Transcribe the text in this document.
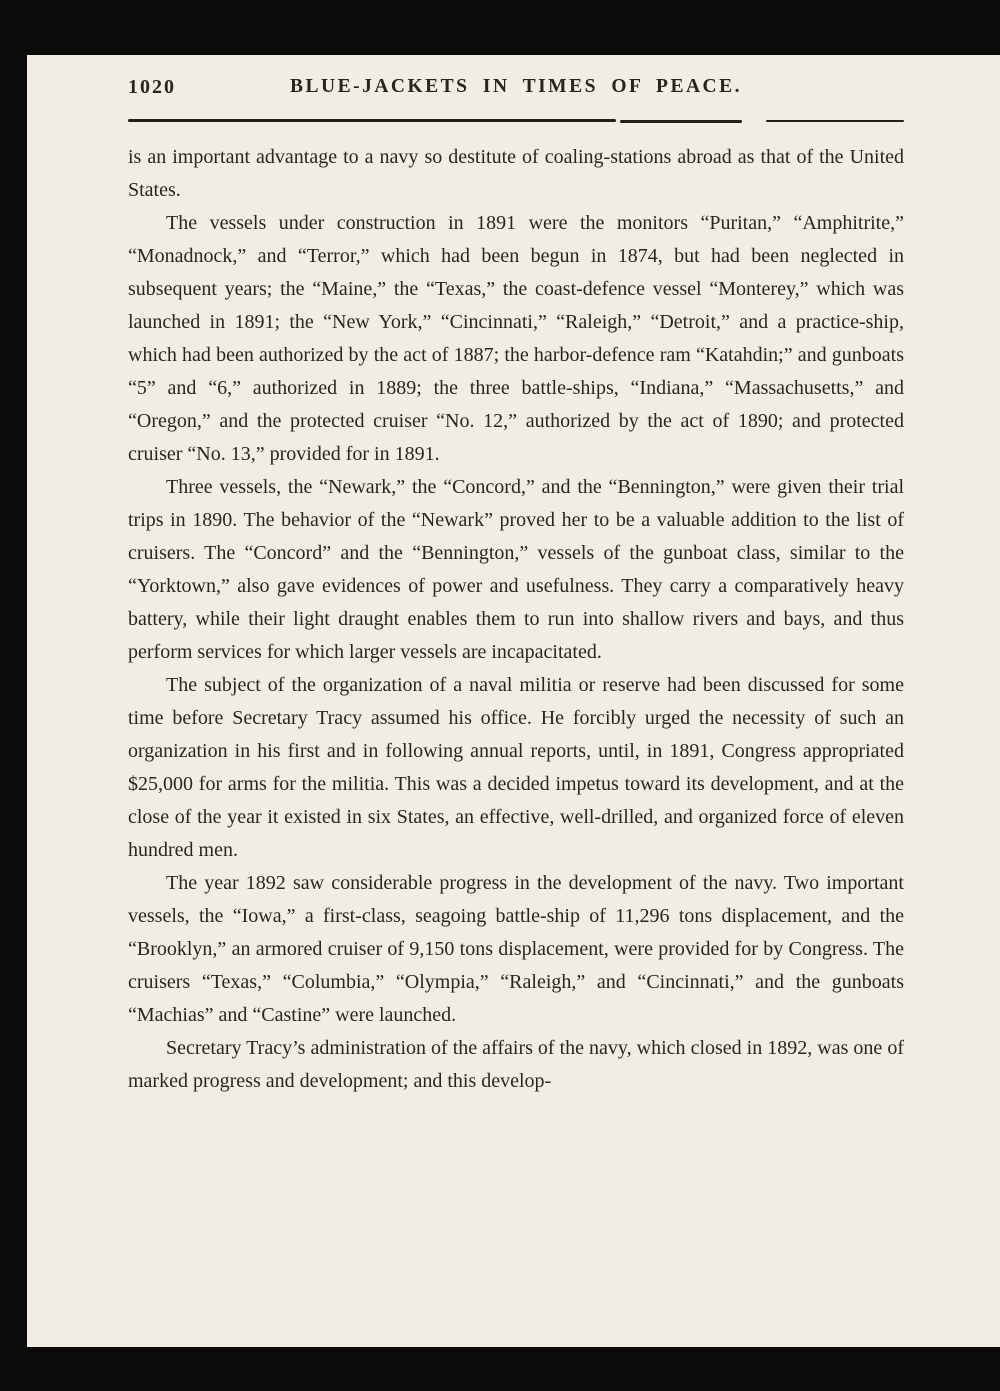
1020	BLUE-JACKETS IN TIMES OF PEACE.

is an important advantage to a navy so destitute of coaling-stations abroad as that of the United States.

The vessels under construction in 1891 were the monitors “Puritan,” “Amphitrite,” “Monadnock,” and “Terror,” which had been begun in 1874, but had been neglected in subsequent years; the “Maine,” the “Texas,” the coast-defence vessel “Monterey,” which was launched in 1891; the “New York,” “Cincinnati,” “Raleigh,” “Detroit,” and a practice-ship, which had been authorized by the act of 1887; the harbor-defence ram “Katahdin;” and gunboats “5” and “6,” authorized in 1889; the three battle-ships, “Indiana,” “Massachusetts,” and “Oregon,” and the protected cruiser “No. 12,” authorized by the act of 1890; and protected cruiser “No. 13,” provided for in 1891.

Three vessels, the “Newark,” the “Concord,” and the “Bennington,” were given their trial trips in 1890. The behavior of the “Newark” proved her to be a valuable addition to the list of cruisers. The “Concord” and the “Bennington,” vessels of the gunboat class, similar to the “Yorktown,” also gave evidences of power and usefulness. They carry a comparatively heavy battery, while their light draught enables them to run into shallow rivers and bays, and thus perform services for which larger vessels are incapacitated.

The subject of the organization of a naval militia or reserve had been discussed for some time before Secretary Tracy assumed his office. He forcibly urged the necessity of such an organization in his first and in following annual reports, until, in 1891, Congress appropriated $25,000 for arms for the militia. This was a decided impetus toward its development, and at the close of the year it existed in six States, an effective, well-drilled, and organized force of eleven hundred men.

The year 1892 saw considerable progress in the development of the navy. Two important vessels, the “Iowa,” a first-class, seagoing battle-ship of 11,296 tons displacement, and the “Brooklyn,” an armored cruiser of 9,150 tons displacement, were provided for by Congress. The cruisers “Texas,” “Columbia,” “Olympia,” “Raleigh,” and “Cincinnati,” and the gunboats “Machias” and “Castine” were launched.

Secretary Tracy’s administration of the affairs of the navy, which closed in 1892, was one of marked progress and development; and this develop-
